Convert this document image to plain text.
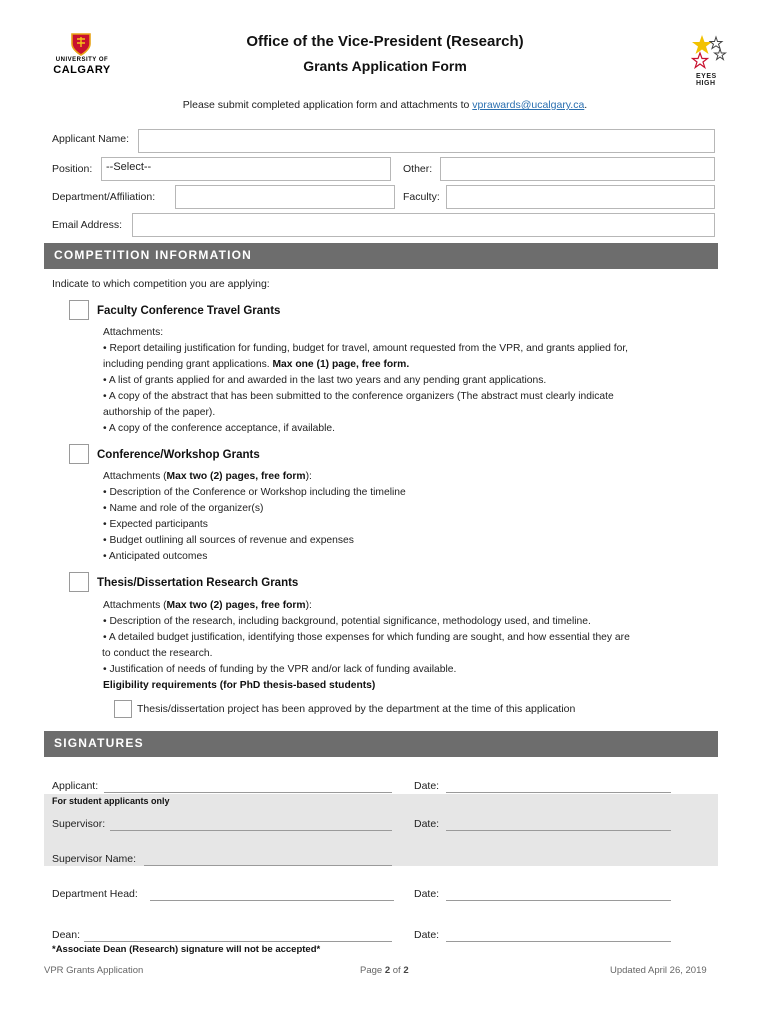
UNIVERSITY OF
CALGARY
EYES
HIGH
Office of the Vice-President (Research)
Grants Application Form
Please submit completed application form and attachments to vprawards@ucalgary.ca.
Applicant Name:
Position:	--Select--	Other:
Department/Affiliation:	Faculty:
Email Address:
COMPETITION INFORMATION
Indicate to which competition you are applying:
Faculty Conference Travel Grants
Attachments:
• Report detailing justification for funding, budget for travel, amount requested from the VPR, and grants applied for,
including pending grant applications. Max one (1) page, free form.
• A list of grants applied for and awarded in the last two years and any pending grant applications.
• A copy of the abstract that has been submitted to the conference organizers (The abstract must clearly indicate
authorship of the paper).
• A copy of the conference acceptance, if available.
Conference/Workshop Grants
Attachments (Max two (2) pages, free form):
• Description of the Conference or Workshop including the timeline
• Name and role of the organizer(s)
• Expected participants
• Budget outlining all sources of revenue and expenses
• Anticipated outcomes
Thesis/Dissertation Research Grants
Attachments (Max two (2) pages, free form):
• Description of the research, including background, potential significance, methodology used, and timeline.
• A detailed budget justification, identifying those expenses for which funding are sought, and how essential they are
to conduct the research.
• Justification of needs of funding by the VPR and/or lack of funding available.
Eligibility requirements (for PhD thesis-based students)
Thesis/dissertation project has been approved by the department at the time of this application
SIGNATURES
Applicant:	Date:
For student applicants only
Supervisor:	Date:
Supervisor Name:
Department Head:	Date:
Dean:	Date:
*Associate Dean (Research) signature will not be accepted*
VPR Grants Application	Page 2 of 2	Updated April 26, 2019
